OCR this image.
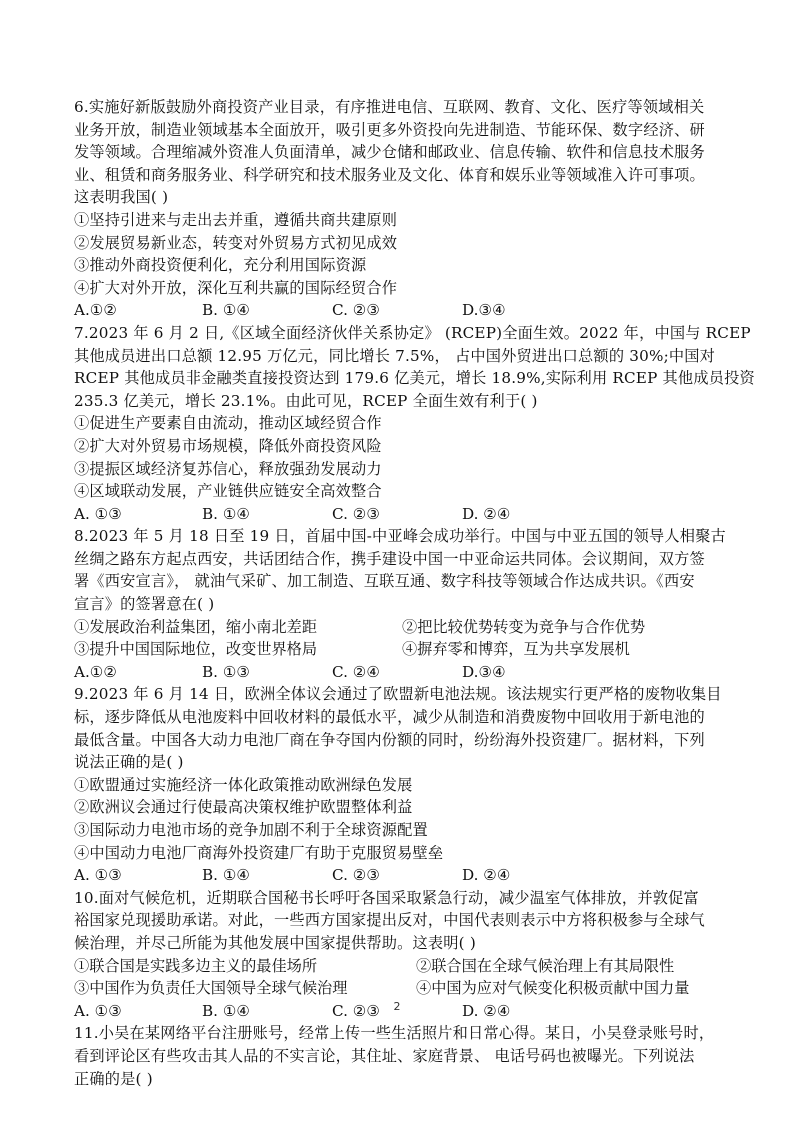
6.实施好新版鼓励外商投资产业目录，有序推进电信、互联网、教育、文化、医疗等领域相关
业务开放，制造业领域基本全面放开，吸引更多外资投向先进制造、节能环保、数字经济、研
发等领域。合理缩减外资准人负面清单，减少仓储和邮政业、信息传输、软件和信息技术服务
业、租赁和商务服务业、科学研究和技术服务业及文化、体育和娱乐业等领域准入许可事项。
这表明我国( )
①坚持引进来与走出去并重，遵循共商共建原则
②发展贸易新业态，转变对外贸易方式初见成效
③推动外商投资便利化，充分利用国际资源
④扩大对外开放，深化互利共赢的国际经贸合作
A.①②	B. ①④	C. ②③	D.③④
7.2023 年 6 月 2 日,《区域全面经济伙伴关系协定》 (RCEP)全面生效。2022 年，中国与 RCEP
其他成员进出口总额 12.95 万亿元，同比增长 7.5%， 占中国外贸进出口总额的 30%;中国对
RCEP 其他成员非金融类直接投资达到 179.6 亿美元，增长 18.9%,实际利用 RCEP 其他成员投资
235.3 亿美元，增长 23.1%。由此可见，RCEP 全面生效有利于( )
①促进生产要素自由流动，推动区域经贸合作
②扩大对外贸易市场规模，降低外商投资风险
③提振区域经济复苏信心，释放强劲发展动力
④区域联动发展，产业链供应链安全高效整合
A. ①③	B. ①④	C. ②③	D. ②④
8.2023 年 5 月 18 日至 19 日，首届中国-中亚峰会成功举行。中国与中亚五国的领导人相聚古
丝绸之路东方起点西安，共话团结合作，携手建设中国一中亚命运共同体。会议期间，双方签
署《西安宣言》， 就油气采矿、加工制造、互联互通、数字科技等领域合作达成共识。《西安
宣言》的签署意在( )
①发展政治利益集团，缩小南北差距	②把比较优势转变为竞争与合作优势
③提升中国国际地位，改变世界格局	④摒弃零和博弈，互为共享发展机
A.①②	B. ①③	C. ②④	D.③④
9.2023 年 6 月 14 日，欧洲全体议会通过了欧盟新电池法规。该法规实行更严格的废物收集目
标，逐步降低从电池废料中回收材料的最低水平，减少从制造和消费废物中回收用于新电池的
最低含量。中国各大动力电池厂商在争夺国内份额的同时，纷纷海外投资建厂。据材料，下列
说法正确的是( )
①欧盟通过实施经济一体化政策推动欧洲绿色发展
②欧洲议会通过行使最高决策权维护欧盟整体利益
③国际动力电池市场的竞争加剧不利于全球资源配置
④中国动力电池厂商海外投资建厂有助于克服贸易壁垒
A. ①③	B. ①④	C. ②③	D. ②④
10.面对气候危机，近期联合国秘书长呼吁各国采取紧急行动，减少温室气体排放，并敦促富
裕国家兑现援助承诺。对此，一些西方国家提出反对，中国代表则表示中方将积极参与全球气
候治理，并尽己所能为其他发展中国家提供帮助。这表明( )
①联合国是实践多边主义的最佳场所	②联合国在全球气候治理上有其局限性
③中国作为负责任大国领导全球气候治理	④中国为应对气候变化积极贡献中国力量
A. ①③	B. ①④	C. ②③	D. ②④
11.小吴在某网络平台注册账号，经常上传一些生活照片和日常心得。某日，小吴登录账号时，
看到评论区有些攻击其人品的不实言论，其住址、家庭背景、 电话号码也被曝光。下列说法
正确的是( )
2
